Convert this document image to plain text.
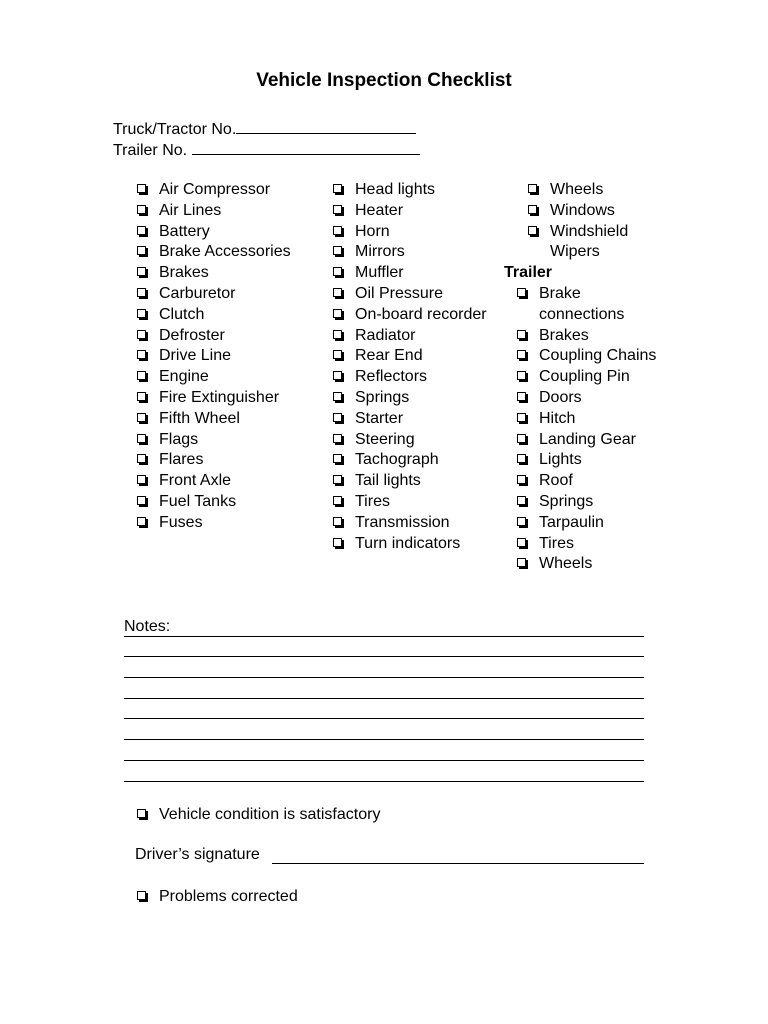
Vehicle Inspection Checklist
Truck/Tractor No.
Trailer No.
Air Compressor
Air Lines
Battery
Brake Accessories
Brakes
Carburetor
Clutch
Defroster
Drive Line
Engine
Fire Extinguisher
Fifth Wheel
Flags
Flares
Front Axle
Fuel Tanks
Fuses
Head lights
Heater
Horn
Mirrors
Muffler
Oil Pressure
On-board recorder
Radiator
Rear End
Reflectors
Springs
Starter
Steering
Tachograph
Tail lights
Tires
Transmission
Turn indicators
Wheels
Windows
Windshield Wipers
Trailer
Brake connections
Brakes
Coupling Chains
Coupling Pin
Doors
Hitch
Landing Gear
Lights
Roof
Springs
Tarpaulin
Tires
Wheels
Notes:
Vehicle condition is satisfactory
Driver’s signature
Problems corrected
